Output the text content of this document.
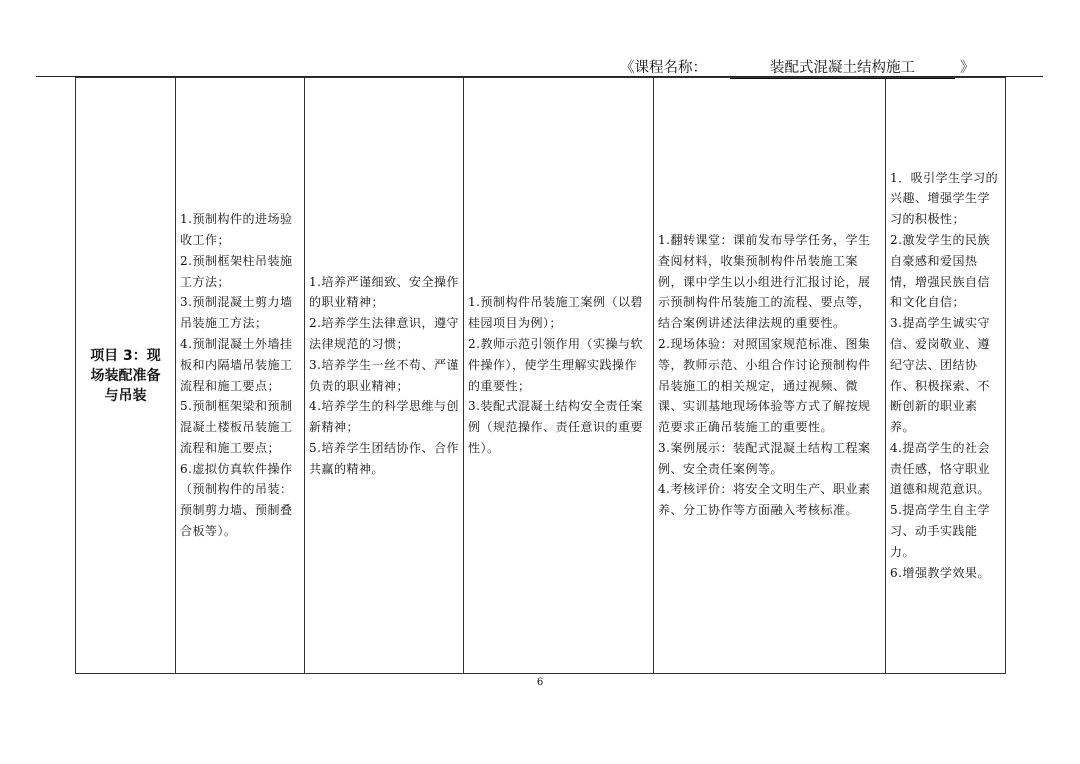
《课程名称：	装配式混凝土结构施工	》
项目 3：现场装配准备与吊装	
1.预制构件的进场验收工作；
2.预制框架柱吊装施工方法；
3.预制混凝土剪力墙吊装施工方法；
4.预制混凝土外墙挂板和内隔墙吊装施工流程和施工要点；
5.预制框架梁和预制混凝土楼板吊装施工流程和施工要点；
6.虚拟仿真软件操作（预制构件的吊装：预制剪力墙、预制叠合板等）。

1.培养严谨细致、安全操作的职业精神；
2.培养学生法律意识，遵守法律规范的习惯；
3.培养学生一丝不苟、严谨负责的职业精神；
4.培养学生的科学思维与创新精神；
5.培养学生团结协作、合作共赢的精神。

1.预制构件吊装施工案例（以碧桂园项目为例）；
2.教师示范引领作用（实操与软件操作），使学生理解实践操作的重要性；
3.装配式混凝土结构安全责任案例（规范操作、责任意识的重要性）。

1.翻转课堂：课前发布导学任务，学生查阅材料，收集预制构件吊装施工案例，课中学生以小组进行汇报讨论，展示预制构件吊装施工的流程、要点等，结合案例讲述法律法规的重要性。
2.现场体验：对照国家规范标准、图集等，教师示范、小组合作讨论预制构件吊装施工的相关规定，通过视频、微课、实训基地现场体验等方式了解按规范要求正确吊装施工的重要性。
3.案例展示：装配式混凝土结构工程案例、安全责任案例等。
4.考核评价：将安全文明生产、职业素养、分工协作等方面融入考核标准。

1．吸引学生学习的兴趣、增强学生学习的积极性；
2.激发学生的民族自豪感和爱国热情，增强民族自信和文化自信；
3.提高学生诚实守信、爱岗敬业、遵纪守法、团结协作、积极探索、不断创新的职业素养。
4.提高学生的社会责任感，恪守职业道德和规范意识。
5.提高学生自主学习、动手实践能力。
6.增强教学效果。
6
